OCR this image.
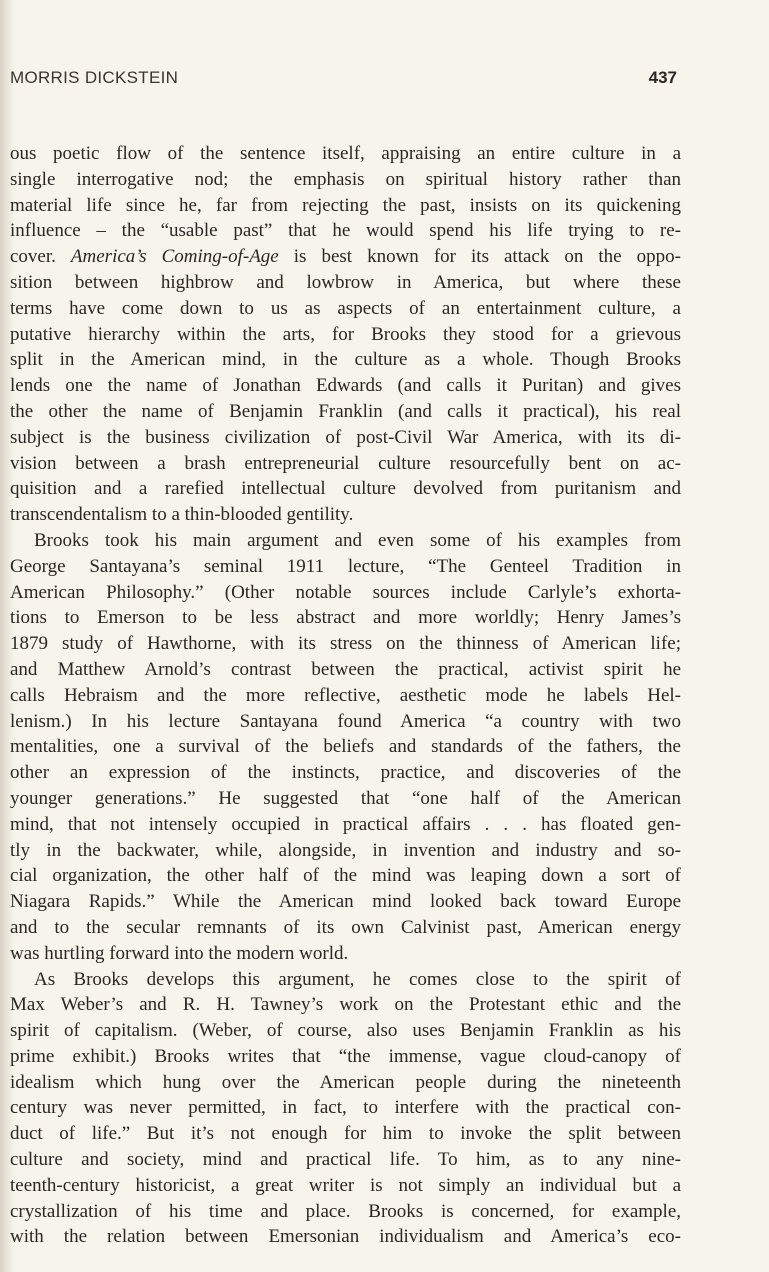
MORRIS DICKSTEIN	437
ous poetic flow of the sentence itself, appraising an entire culture in a
single interrogative nod; the emphasis on spiritual history rather than
material life since he, far from rejecting the past, insists on its quickening
influence – the “usable past” that he would spend his life trying to re-
cover. America’s Coming-of-Age is best known for its attack on the oppo-
sition between highbrow and lowbrow in America, but where these
terms have come down to us as aspects of an entertainment culture, a
putative hierarchy within the arts, for Brooks they stood for a grievous
split in the American mind, in the culture as a whole. Though Brooks
lends one the name of Jonathan Edwards (and calls it Puritan) and gives
the other the name of Benjamin Franklin (and calls it practical), his real
subject is the business civilization of post-Civil War America, with its di-
vision between a brash entrepreneurial culture resourcefully bent on ac-
quisition and a rarefied intellectual culture devolved from puritanism and
transcendentalism to a thin-blooded gentility.
Brooks took his main argument and even some of his examples from
George Santayana’s seminal 1911 lecture, “The Genteel Tradition in
American Philosophy.” (Other notable sources include Carlyle’s exhorta-
tions to Emerson to be less abstract and more worldly; Henry James’s
1879 study of Hawthorne, with its stress on the thinness of American life;
and Matthew Arnold’s contrast between the practical, activist spirit he
calls Hebraism and the more reflective, aesthetic mode he labels Hel-
lenism.) In his lecture Santayana found America “a country with two
mentalities, one a survival of the beliefs and standards of the fathers, the
other an expression of the instincts, practice, and discoveries of the
younger generations.” He suggested that “one half of the American
mind, that not intensely occupied in practical affairs . . . has floated gen-
tly in the backwater, while, alongside, in invention and industry and so-
cial organization, the other half of the mind was leaping down a sort of
Niagara Rapids.” While the American mind looked back toward Europe
and to the secular remnants of its own Calvinist past, American energy
was hurtling forward into the modern world.
As Brooks develops this argument, he comes close to the spirit of
Max Weber’s and R. H. Tawney’s work on the Protestant ethic and the
spirit of capitalism. (Weber, of course, also uses Benjamin Franklin as his
prime exhibit.) Brooks writes that “the immense, vague cloud-canopy of
idealism which hung over the American people during the nineteenth
century was never permitted, in fact, to interfere with the practical con-
duct of life.” But it’s not enough for him to invoke the split between
culture and society, mind and practical life. To him, as to any nine-
teenth-century historicist, a great writer is not simply an individual but a
crystallization of his time and place. Brooks is concerned, for example,
with the relation between Emersonian individualism and America’s eco-
